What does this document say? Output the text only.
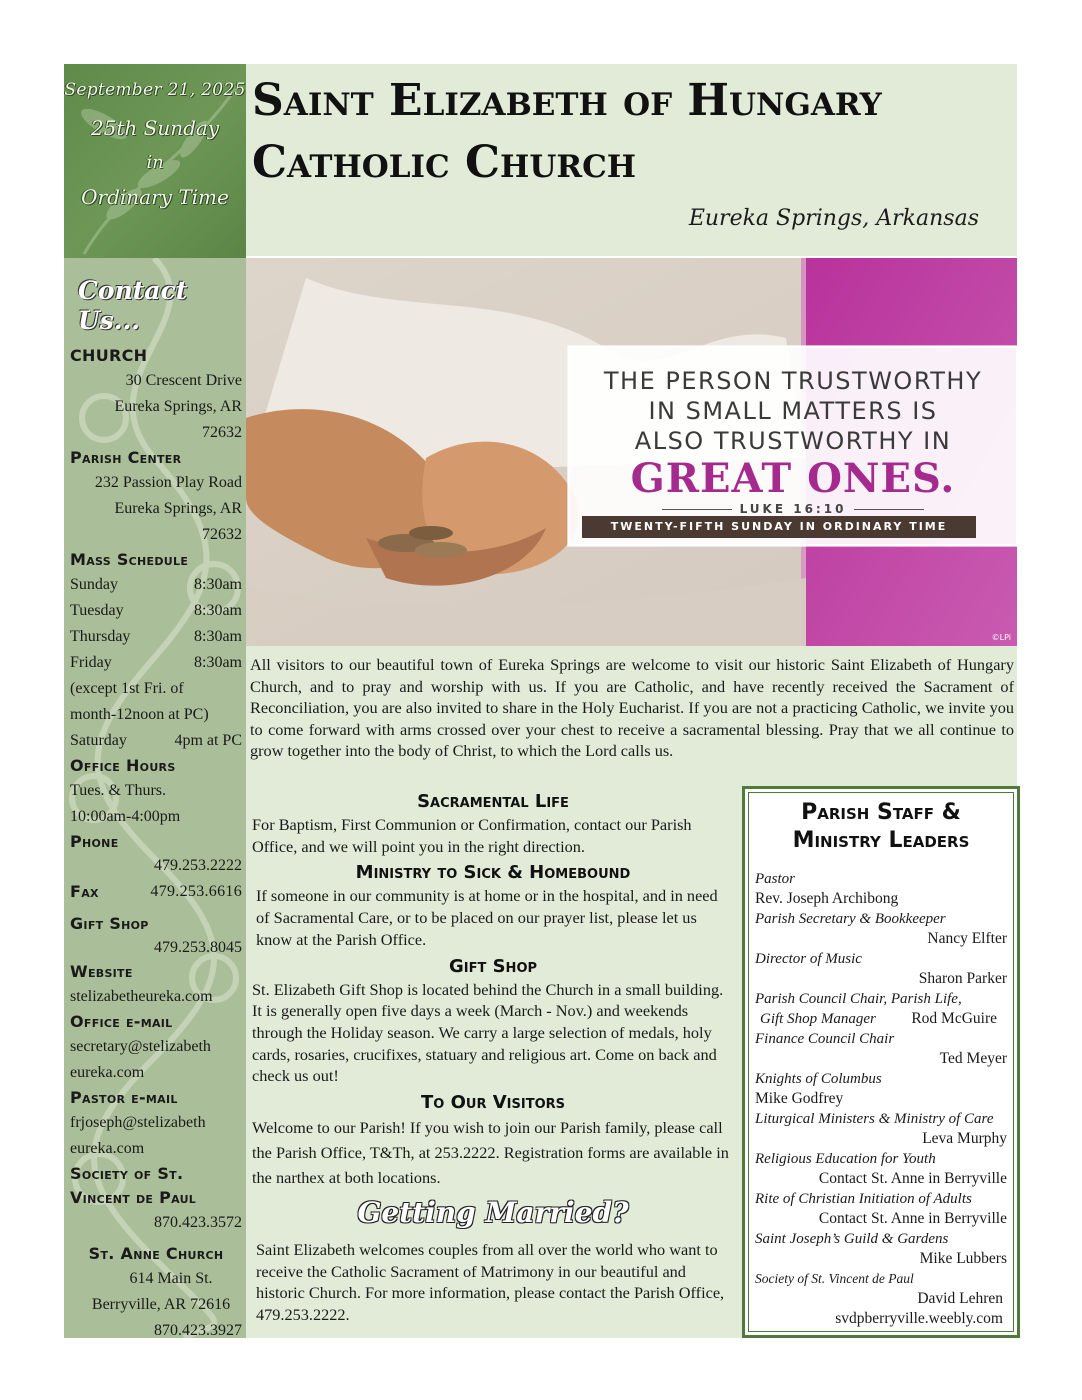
September 21, 2025
25th Sunday
in
Ordinary Time
Saint Elizabeth of Hungary
Catholic Church
Eureka Springs, Arkansas
Contact Us...
CHURCH
30 Crescent Drive
Eureka Springs, AR
72632
Parish Center
232 Passion Play Road
Eureka Springs, AR
72632
Mass Schedule
Sunday	8:30am
Tuesday	8:30am
Thursday	8:30am
Friday	8:30am
(except 1st Fri. of
month-12noon at PC)
Saturday	4pm at PC
Office Hours
Tues. & Thurs.
10:00am-4:00pm
Phone
479.253.2222
Fax	479.253.6616
Gift Shop
479.253.8045
Website
stelizabetheureka.com
Office e-mail
secretary@stelizabeth
eureka.com
Pastor e-mail
frjoseph@stelizabeth
eureka.com
Society of St.
Vincent de Paul
870.423.3572
St. Anne Church
614 Main St.
Berryville, AR 72616
870.423.3927
THE PERSON TRUSTWORTHY
IN SMALL MATTERS IS
ALSO TRUSTWORTHY IN
GREAT ONES.
LUKE 16:10
TWENTY-FIFTH SUNDAY IN ORDINARY TIME
©LPi
All visitors to our beautiful town of Eureka Springs are welcome to visit our historic Saint Elizabeth of Hungary Church, and to pray and worship with us. If you are Catholic, and have recently received the Sacrament of Reconciliation, you are also invited to share in the Holy Eucharist. If you are not a practicing Catholic, we invite you to come forward with arms crossed over your chest to receive a sacramental blessing. Pray that we all continue to grow together into the body of Christ, to which the Lord calls us.
Sacramental Life
For Baptism, First Communion or Confirmation, contact our Parish Office, and we will point you in the right direction.
Ministry to Sick & Homebound
If someone in our community is at home or in the hospital, and in need of Sacramental Care, or to be placed on our prayer list, please let us know at the Parish Office.
Gift Shop
St. Elizabeth Gift Shop is located behind the Church in a small building. It is generally open five days a week (March - Nov.) and weekends through the Holiday season. We carry a large selection of medals, holy cards, rosaries, crucifixes, statuary and religious art. Come on back and check us out!
To Our Visitors
Welcome to our Parish! If you wish to join our Parish family, please call the Parish Office, T&Th, at 253.2222. Registration forms are available in the narthex at both locations.
Getting Married?
Saint Elizabeth welcomes couples from all over the world who want to receive the Catholic Sacrament of Matrimony in our beautiful and historic Church. For more information, please contact the Parish Office, 479.253.2222.
Parish Staff &
Ministry Leaders
Pastor
Rev. Joseph Archibong
Parish Secretary & Bookkeeper
Nancy Elfter
Director of Music
Sharon Parker
Parish Council Chair, Parish Life,
Gift Shop Manager Rod McGuire
Finance Council Chair
Ted Meyer
Knights of Columbus
Mike Godfrey
Liturgical Ministers & Ministry of Care
Leva Murphy
Religious Education for Youth
Contact St. Anne in Berryville
Rite of Christian Initiation of Adults
Contact St. Anne in Berryville
Saint Joseph’s Guild & Gardens
Mike Lubbers
Society of St. Vincent de Paul
David Lehren
svdpberryville.weebly.com
